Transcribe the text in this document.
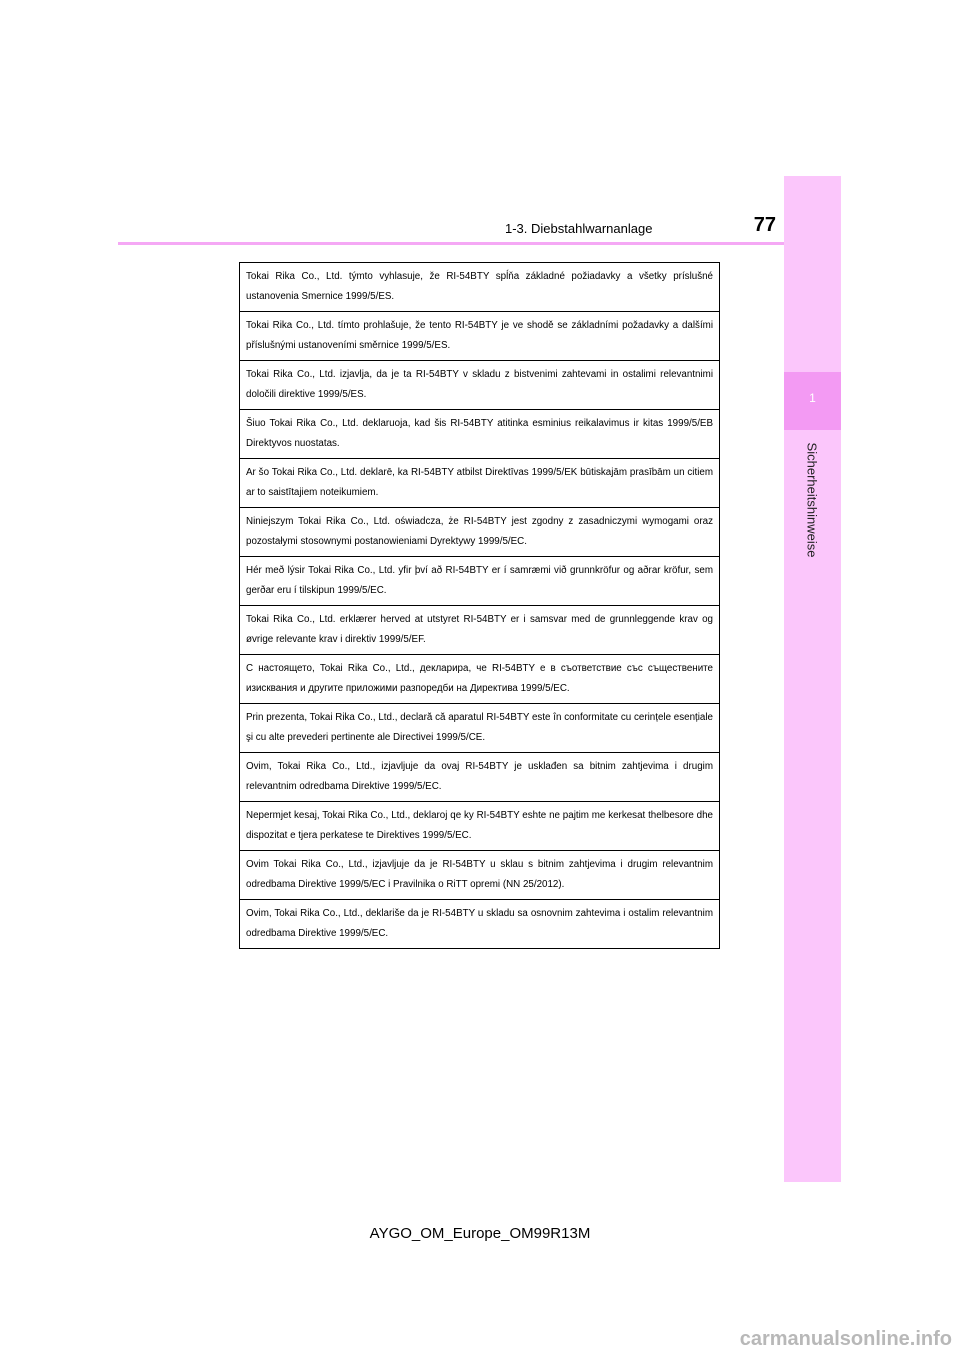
1
Sicherheitshinweise
1-3. Diebstahlwarnanlage	77
Tokai Rika Co., Ltd. týmto vyhlasuje, že RI-54BTY spĺňa základné požiadavky a všetky príslušné ustanovenia Smernice 1999/5/ES.
Tokai Rika Co., Ltd. tímto prohlašuje, že tento RI-54BTY je ve shodě se základními požadavky a dalšími příslušnými ustanoveními směrnice 1999/5/ES.
Tokai Rika Co., Ltd. izjavlja, da je ta RI-54BTY v skladu z bistvenimi zahtevami in ostalimi relevantnimi določili direktive 1999/5/ES.
Šiuo Tokai Rika Co., Ltd. deklaruoja, kad šis RI-54BTY atitinka esminius reikalavimus ir kitas 1999/5/EB Direktyvos nuostatas.
Ar šo Tokai Rika Co., Ltd. deklarē, ka RI-54BTY atbilst Direktīvas 1999/5/EK būtiskajām prasībām un citiem ar to saistītajiem noteikumiem.
Niniejszym Tokai Rika Co., Ltd. oświadcza, że RI-54BTY jest zgodny z zasadniczymi wymogami oraz pozostałymi stosownymi postanowieniami Dyrektywy 1999/5/EC.
Hér með lýsir Tokai Rika Co., Ltd. yfir því að RI-54BTY er í samræmi við grunnkröfur og aðrar kröfur, sem gerðar eru í tilskipun 1999/5/EC.
Tokai Rika Co., Ltd. erklærer herved at utstyret RI-54BTY er i samsvar med de grunnleggende krav og øvrige relevante krav i direktiv 1999/5/EF.
С настоящето, Tokai Rika Co., Ltd., декларира, че RI-54BTY е в съответствие със съществените изисквания и другите приложими разпоредби на Директива 1999/5/ЕС.
Prin prezenta, Tokai Rika Co., Ltd., declară că aparatul RI-54BTY este în conformitate cu cerințele esențiale şi cu alte prevederi pertinente ale Directivei 1999/5/CE.
Ovim, Tokai Rika Co., Ltd., izjavljuje da ovaj RI-54BTY je usklađen sa bitnim zahtjevima i drugim relevantnim odredbama Direktive 1999/5/EC.
Nepermjet kesaj, Tokai Rika Co., Ltd., deklaroj qe ky RI-54BTY eshte ne pajtim me kerkesat thelbesore dhe dispozitat e tjera perkatese te Direktives 1999/5/EC.
Ovim Tokai Rika Co., Ltd., izjavljuje da je RI-54BTY u sklau s bitnim zahtjevima i drugim relevantnim odredbama Direktive 1999/5/EC i Pravilnika o RiTT opremi (NN 25/2012).
Ovim, Tokai Rika Co., Ltd., deklariše da je RI-54BTY u skladu sa osnovnim zahtevima i ostalim relevantnim odredbama Direktive 1999/5/EC.
AYGO_OM_Europe_OM99R13M
carmanualsonline.info
